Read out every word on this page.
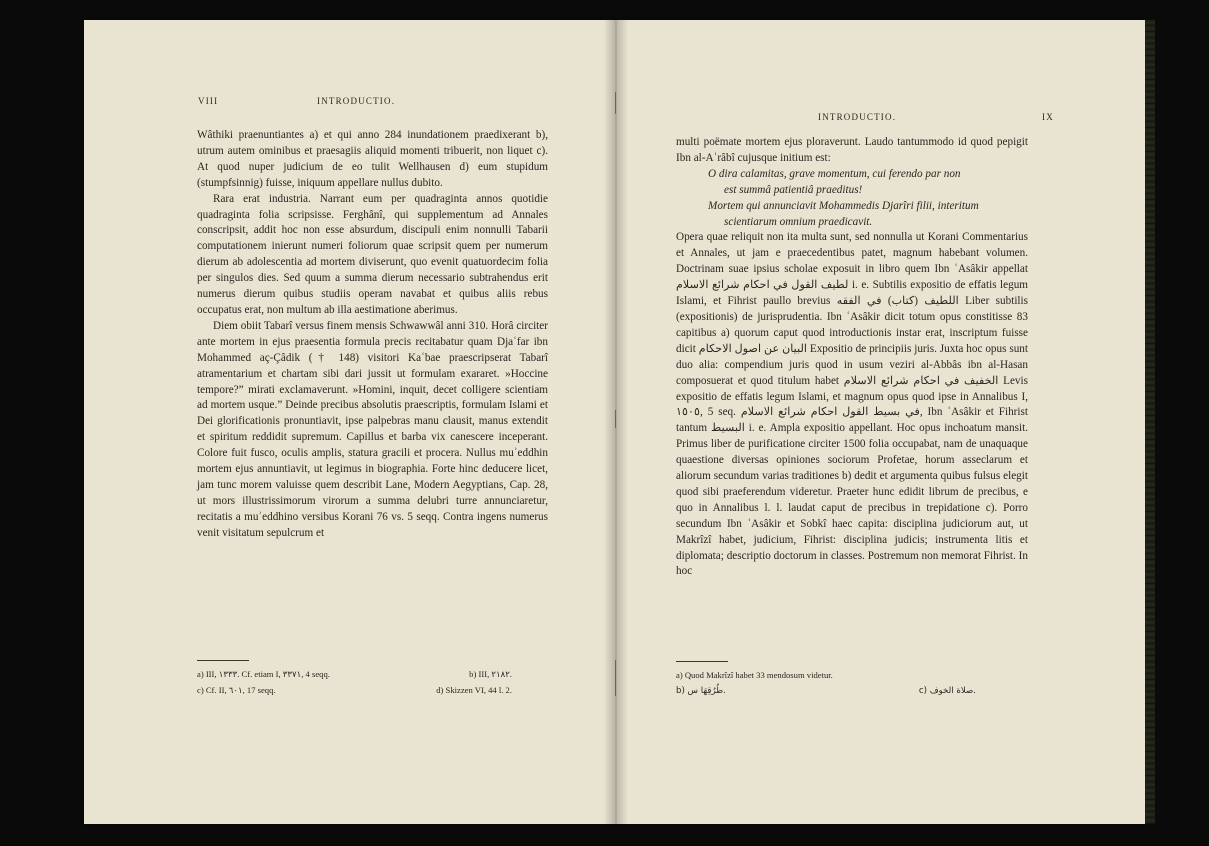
VIII	INTRODUCTIO.

Wâthiki praenuntiantes a) et qui anno 284 inundationem praedixerant b), utrum autem ominibus et praesagiis aliquid momenti tribuerit, non liquet c). At quod nuper judicium de eo tulit Wellhausen d) eum stupidum (stumpfsinnig) fuisse, iniquum appellare nullus dubito.

Rara erat industria. Narrant eum per quadraginta annos quotidie quadraginta folia scripsisse. Ferghânî, qui supplementum ad Annales conscripsit, addit hoc non esse absurdum, discipuli enim nonnulli Tabarii computationem inierunt numeri foliorum quae scripsit quem per numerum dierum ab adolescentia ad mortem diviserunt, quo evenit quatuordecim folia per singulos dies. Sed quum a summa dierum necessario subtrahendus erit numerus dierum quibus studiis operam navabat et quibus aliis rebus occupatus erat, non multum ab illa aestimatione aberimus.

Diem obiit Tabarî versus finem mensis Schwawwâl anni 310. Horâ circiter ante mortem in ejus praesentia formula precis recitabatur quam Djaʿfar ibn Mohammed aç-Çâdik († 148) visitori Kaʿbae praescripserat Tabarî atramentarium et chartam sibi dari jussit ut formulam exararet. »Hoccine tempore?” mirati exclamaverunt. »Homini, inquit, decet colligere scientiam ad mortem usque.” Deinde precibus absolutis praescriptis, formulam Islami et Dei glorificationis pronuntiavit, ipse palpebras manu clausit, manus extendit et spiritum reddidit supremum. Capillus et barba vix canescere inceperant. Colore fuit fusco, oculis amplis, statura gracili et procera. Nullus muʾeddhin mortem ejus annuntiavit, ut legimus in biographia. Forte hinc deducere licet, jam tunc morem valuisse quem describit Lane, Modern Aegyptians, Cap. 28, ut mors illustrissimorum virorum a summa delubri turre annunciaretur, recitatis a muʾeddhino versibus Korani 76 vs. 5 seqq. Contra ingens numerus venit visitatum sepulcrum et

a) III, ١٣٣٣. Cf. etiam I, ٣٣٧١, 4 seqq.	b) III, ٢١٨٢.
c) Cf. II, ٦٠١, 17 seqq.	d) Skizzen VI, 44 l. 2.
INTRODUCTIO.	IX

multi poëmate mortem ejus ploraverunt. Laudo tantummodo id quod pepigit Ibn al-Aʿrâbî cujusque initium est:

O dira calamitas, grave momentum, cui ferendo par non
est summâ patientiâ praeditus!

Mortem qui annunciavit Mohammedis Djarîri filii, interitum
scientiarum omnium praedicavit.

Opera quae reliquit non ita multa sunt, sed nonnulla ut Korani Commentarius et Annales, ut jam e praecedentibus patet, magnum habebant volumen. Doctrinam suae ipsius scholae exposuit in libro quem Ibn ʿAsâkir appellat لطيف القول في احكام شرائع الاسلام i. e. Subtilis expositio de effatis legum Islami, et Fihrist paullo brevius اللطيف (كتاب) في الفقه Liber subtilis (expositionis) de jurisprudentia. Ibn ʿAsâkir dicit totum opus constitisse 83 capitibus a) quorum caput quod introductionis instar erat, inscriptum fuisse dicit البيان عن اصول الاحكام Expositio de principiis juris. Juxta hoc opus sunt duo alia: compendium juris quod in usum veziri al-Abbâs ibn al-Hasan composuerat et quod titulum habet الخفيف في احكام شرائع الاسلام Levis expositio de effatis legum Islami, et magnum opus quod ipse in Annalibus I, ١٥٠٥, 5 seq. في بسيط القول احكام شرائع الاسلام, Ibn ʿAsâkir et Fihrist tantum البسيط i. e. Ampla expositio appellant. Hoc opus inchoatum mansit. Primus liber de purificatione circiter 1500 folia occupabat, nam de unaquaque quaestione diversas opiniones sociorum Profetae, horum asseclarum et aliorum secundum varias traditiones b) dedit et argumenta quibus fulsus elegit quod sibi praeferendum videretur. Praeter hunc edidit librum de precibus, e quo in Annalibus l. l. laudat caput de precibus in trepidatione c). Porro secundum Ibn ʿAsâkir et Sobkî haec capita: disciplina judiciorum aut, ut Makrîzî habet, judicium, Fihrist: disciplina judicis; instrumenta litis et diplomata; descriptio doctorum in classes. Postremum non memorat Fihrist. In hoc

a) Quod Makrîzî habet 33 mendosum videtur.
b) طُرُقِهَا س.	c) صلاة الخوف.
